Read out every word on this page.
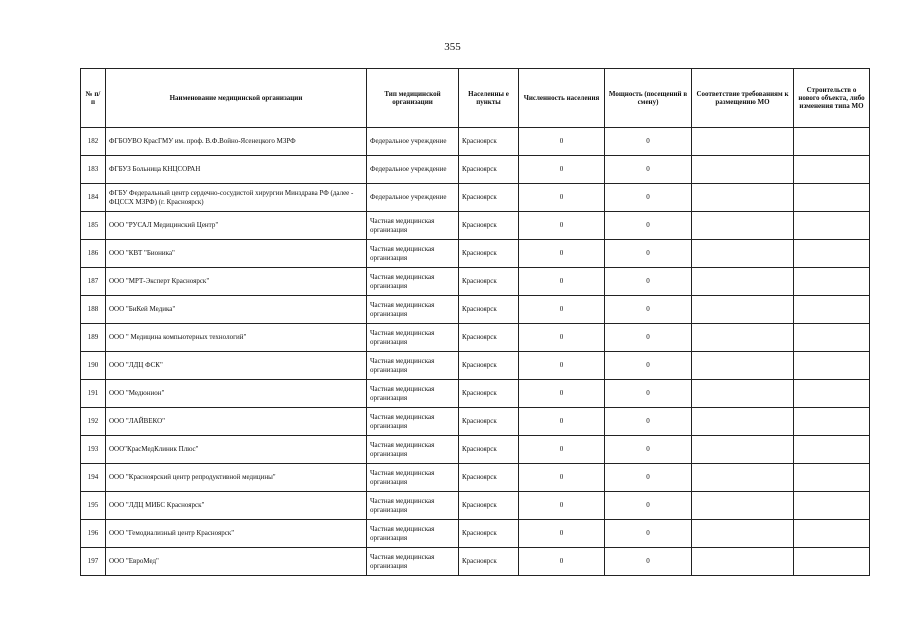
355
№ п/п	Наименование медицинской организации	Тип медицинской организации	Населенны е пункты	Численность населения	Мощность (посещений в смену)	Соответствие требованиям к размещению МО	Строительств о нового объекта, либо изменения типа МО
182	ФГБОУВО КрасГМУ им. проф. В.Ф.Войно-Ясенецкого МЗРФ	Федеральное учреждение	Красноярск	0	0		
183	ФГБУЗ Больница КНЦСОРАН	Федеральное учреждение	Красноярск	0	0		
184	ФГБУ Федеральный центр сердечно-сосудистой хирургии Минздрава РФ (далее - ФЦССХ МЗРФ) (г. Красноярск)	Федеральное учреждение	Красноярск	0	0		
185	ООО "РУСАЛ Медицинский Центр"	Частная медицинская организация	Красноярск	0	0		
186	ООО "КВТ "Бионика"	Частная медицинская организация	Красноярск	0	0		
187	ООО "МРТ-Эксперт Красноярск"	Частная медицинская организация	Красноярск	0	0		
188	ООО "БиКей Медика"	Частная медицинская организация	Красноярск	0	0		
189	ООО " Медицина компьютерных технологий"	Частная медицинская организация	Красноярск	0	0		
190	ООО "ЛДЦ ФСК"	Частная медицинская организация	Красноярск	0	0		
191	ООО "Медюнион"	Частная медицинская организация	Красноярск	0	0		
192	ООО "ЛАЙВЕКО"	Частная медицинская организация	Красноярск	0	0		
193	ООО"КрасМедКлиник Плюс"	Частная медицинская организация	Красноярск	0	0		
194	ООО "Красноярский центр репродуктивной медицины"	Частная медицинская организация	Красноярск	0	0		
195	ООО "ЛДЦ МИБС Красноярск"	Частная медицинская организация	Красноярск	0	0		
196	ООО "Гемодиализный центр Красноярск"	Частная медицинская организация	Красноярск	0	0		
197	ООО "ЕвроМед"	Частная медицинская организация	Красноярск	0	0		
